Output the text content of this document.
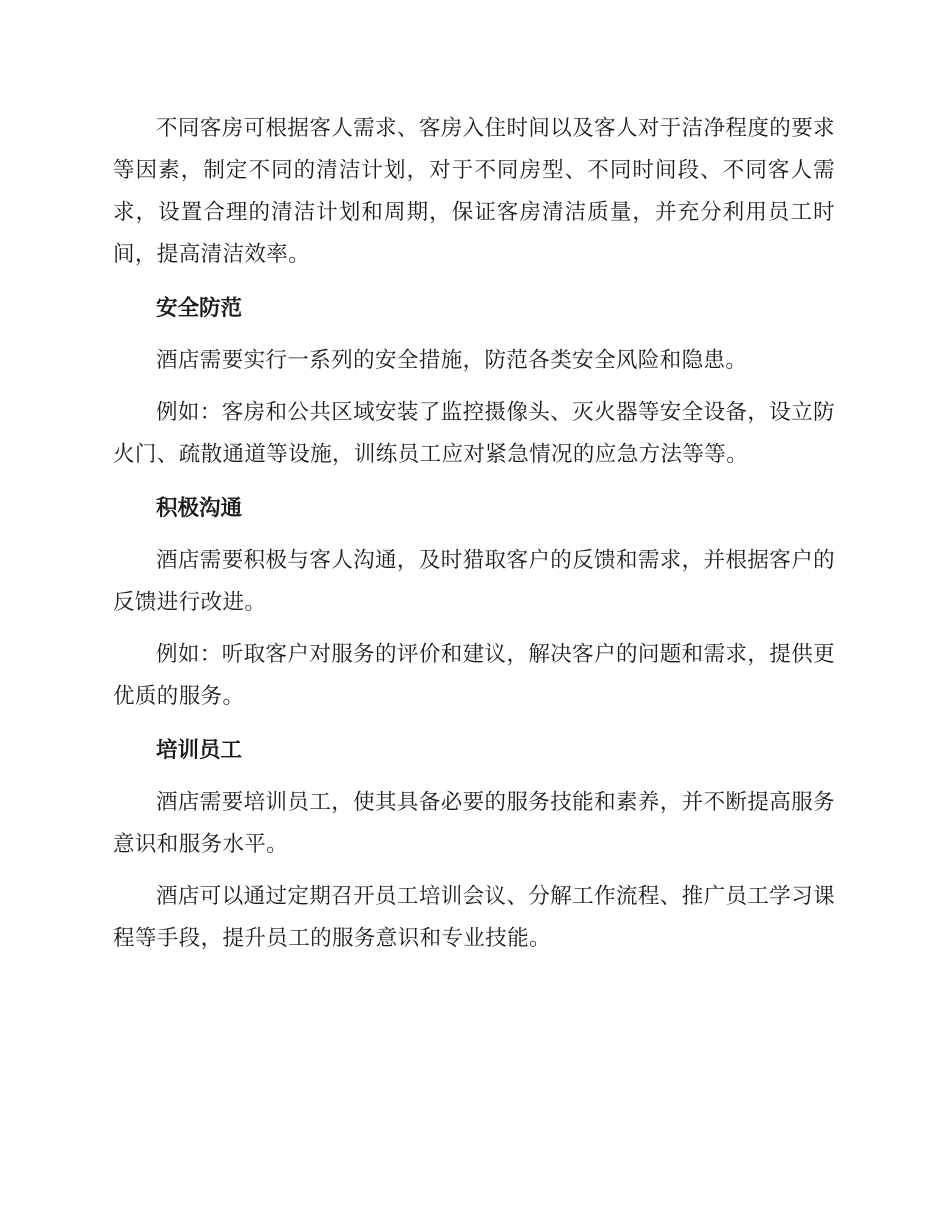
不同客房可根据客人需求、客房入住时间以及客人对于洁净程度的要求等因素，制定不同的清洁计划，对于不同房型、不同时间段、不同客人需求，设置合理的清洁计划和周期，保证客房清洁质量，并充分利用员工时间，提高清洁效率。

安全防范

酒店需要实行一系列的安全措施，防范各类安全风险和隐患。

例如：客房和公共区域安装了监控摄像头、灭火器等安全设备，设立防火门、疏散通道等设施，训练员工应对紧急情况的应急方法等等。

积极沟通

酒店需要积极与客人沟通，及时猎取客户的反馈和需求，并根据客户的反馈进行改进。

例如：听取客户对服务的评价和建议，解决客户的问题和需求，提供更优质的服务。

培训员工

酒店需要培训员工，使其具备必要的服务技能和素养，并不断提高服务意识和服务水平。

酒店可以通过定期召开员工培训会议、分解工作流程、推广员工学习课程等手段，提升员工的服务意识和专业技能。
